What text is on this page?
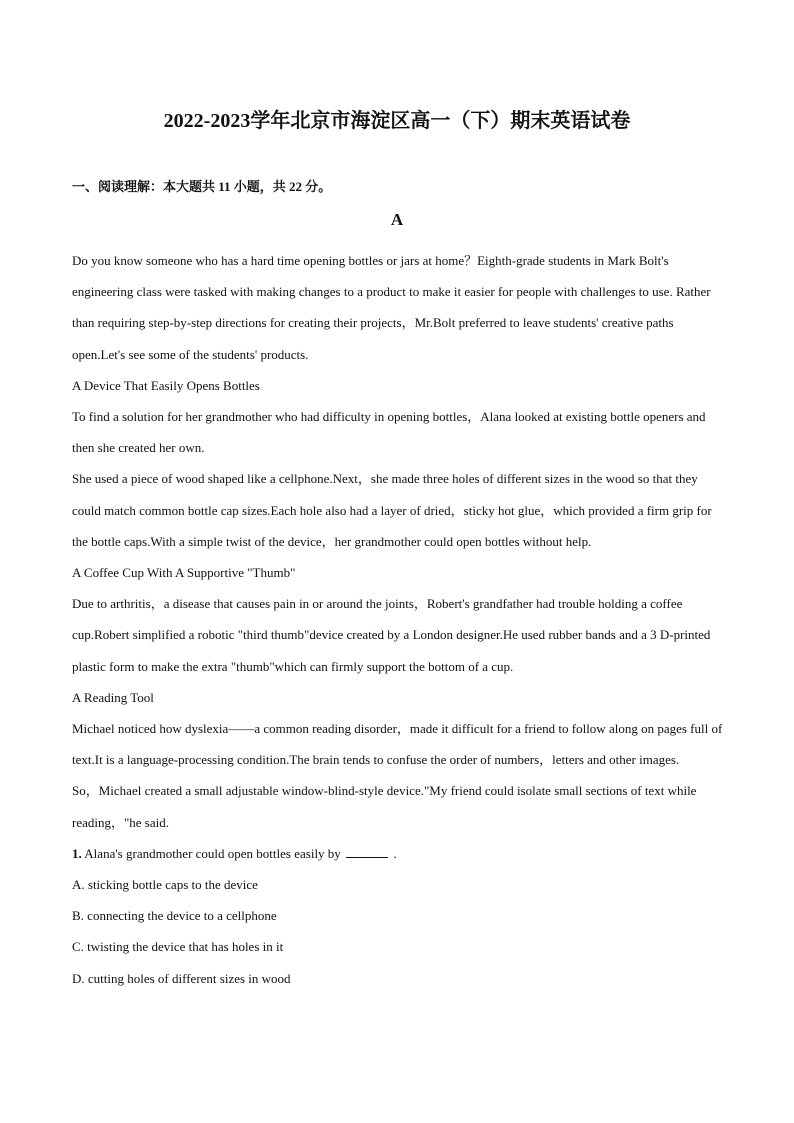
2022-2023学年北京市海淀区高一（下）期末英语试卷
一、阅读理解：本大题共 11 小题，共 22 分。
A

Do you know someone who has a hard time opening bottles or jars at home？Eighth-grade students in Mark Bolt's engineering class were tasked with making changes to a product to make it easier for people with challenges to use. Rather than requiring step-by-step directions for creating their projects，Mr.Bolt preferred to leave students' creative paths open.Let's see some of the students' products.

A Device That Easily Opens Bottles

To find a solution for her grandmother who had difficulty in opening bottles，Alana looked at existing bottle openers and then she created her own.

She used a piece of wood shaped like a cellphone.Next，she made three holes of different sizes in the wood so that they could match common bottle cap sizes.Each hole also had a layer of dried，sticky hot glue，which provided a firm grip for the bottle caps.With a simple twist of the device，her grandmother could open bottles without help.

A Coffee Cup With A Supportive "Thumb"

Due to arthritis，a disease that causes pain in or around the joints，Robert's grandfather had trouble holding a coffee cup.Robert simplified a robotic "third thumb"device created by a London designer.He used rubber bands and a 3 D-printed plastic form to make the extra "thumb"which can firmly support the bottom of a cup.

A Reading Tool

Michael noticed how dyslexia——a common reading disorder，made it difficult for a friend to follow along on pages full of text.It is a language-processing condition.The brain tends to confuse the order of numbers，letters and other images.

So，Michael created a small adjustable window-blind-style device."My friend could isolate small sections of text while reading，"he said.

1. Alana's grandmother could open bottles easily by	.

A. sticking bottle caps to the device

B. connecting the device to a cellphone

C. twisting the device that has holes in it

D. cutting holes of different sizes in wood
